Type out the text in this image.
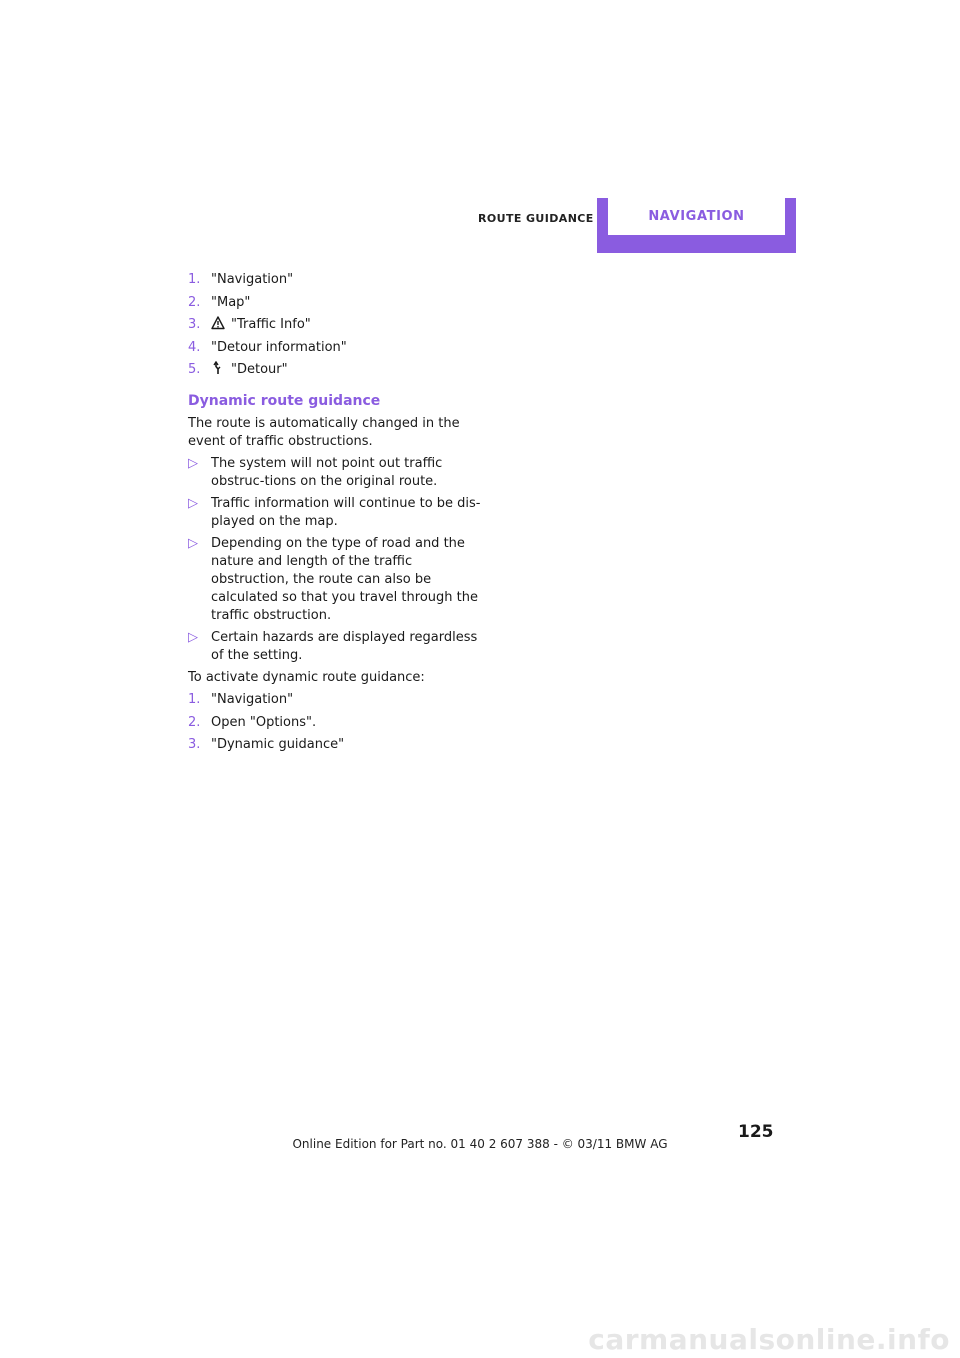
ROUTE GUIDANCE	NAVIGATION
1. "Navigation"
2. "Map"
3.	"Traffic Info"
4. "Detour information"
5.	"Detour"
Dynamic route guidance

The route is automatically changed in the event of traffic obstructions.

▷	The system will not point out traffic obstruc-tions on the original route.
▷	Traffic information will continue to be dis-played on the map.
▷	Depending on the type of road and the nature and length of the traffic obstruction, the route can also be calculated so that you travel through the traffic obstruction.
▷	Certain hazards are displayed regardless of the setting.

To activate dynamic route guidance:

1. "Navigation"
2. Open "Options".
3. "Dynamic guidance"
125
Online Edition for Part no. 01 40 2 607 388 - © 03/11 BMW AG
carmanualsonline.info
